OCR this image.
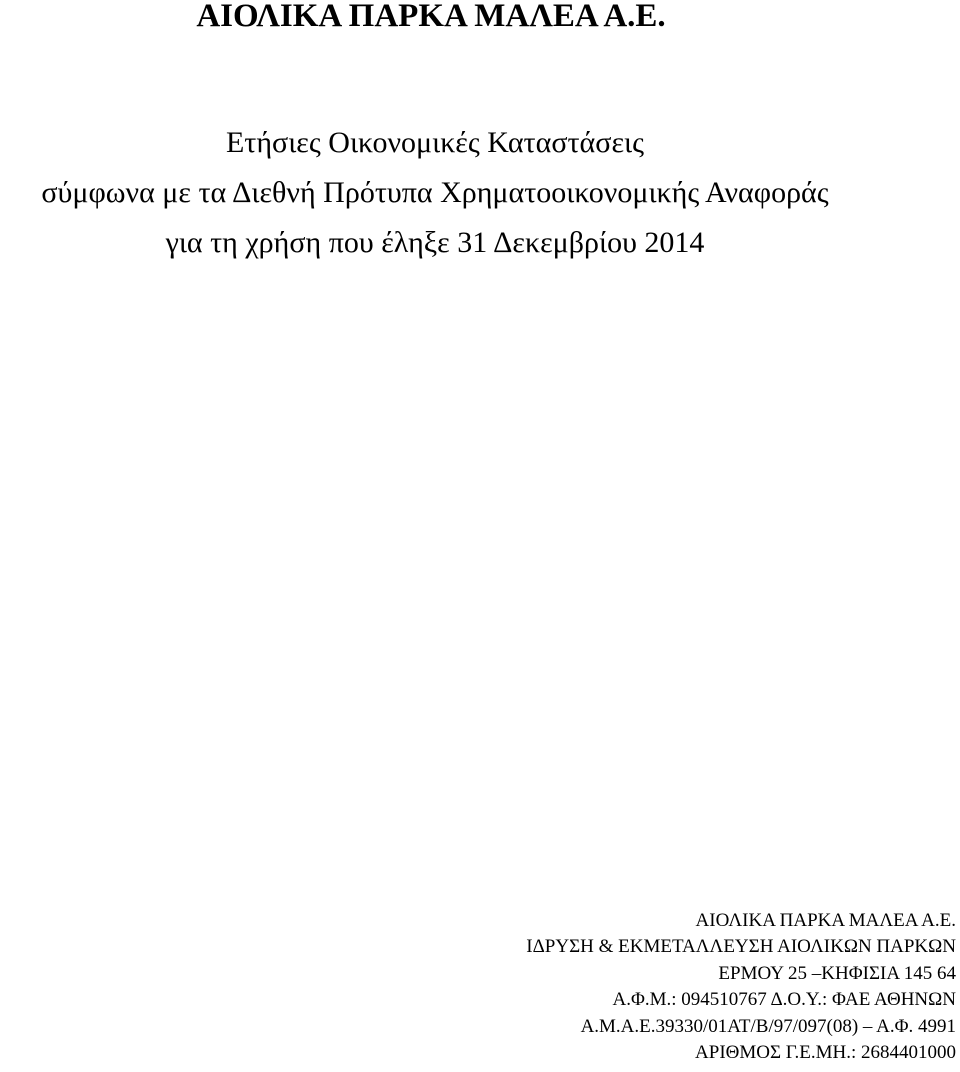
ΑΙΟΛΙΚΑ ΠΑΡΚΑ ΜΑΛΕΑ Α.Ε.
Ετήσιες Οικονομικές Καταστάσεις
σύμφωνα με τα Διεθνή Πρότυπα Χρηματοοικονομικής Αναφοράς
για τη χρήση που έληξε 31 Δεκεμβρίου 2014
ΑΙΟΛΙΚΑ ΠΑΡΚΑ ΜΑΛΕΑ Α.Ε.
ΙΔΡΥΣΗ & ΕΚΜΕΤΑΛΛΕΥΣΗ ΑΙΟΛΙΚΩΝ ΠΑΡΚΩΝ
ΕΡΜΟΥ 25 –ΚΗΦΙΣΙΑ 145 64
Α.Φ.Μ.: 094510767 Δ.Ο.Υ.: ΦΑΕ ΑΘΗΝΩΝ
Α.Μ.Α.Ε.39330/01ΑΤ/Β/97/097(08) – Α.Φ. 4991
ΑΡΙΘΜΟΣ Γ.Ε.ΜΗ.: 2684401000
